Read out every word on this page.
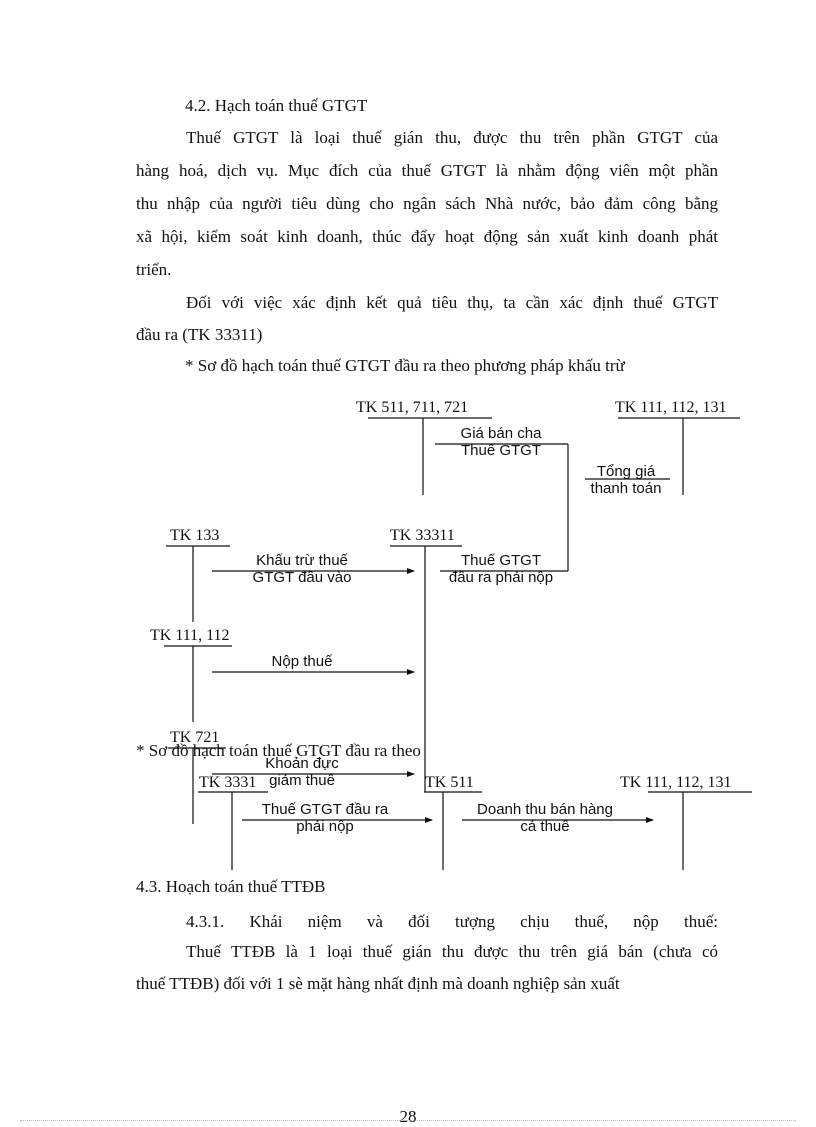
4.2. Hạch toán thuế GTGT
Thuế GTGT là loại thuế gián thu, được thu trên phần GTGT của
hàng hoá, dịch vụ. Mục đích của thuế GTGT là nhằm động viên một phần
thu nhập của người tiêu dùng cho ngân sách Nhà nước, bảo đảm công bằng
xã hội, kiểm soát kinh doanh, thúc đẩy hoạt động sản xuất kinh doanh phát
triển.
Đối với việc xác định kết quả tiêu thụ, ta cần xác định thuế GTGT
đầu ra (TK 33311)
* Sơ đồ hạch toán thuế GTGT đầu ra theo phương pháp khấu trừ
TK 511, 711, 721	TK 111, 112, 131
TK 133	TK 33311
TK 111, 112
TK 721
Giá bán cha
Thuế GTGT
Tổng giá
thanh toán
Khấu trừ thuế
GTGT đầu vào
Thuế GTGT
đầu ra phải nộp
Nộp thuế
Khoản đực
giảm thuế
* Sơ đồ hạch toán thuế GTGT đầu ra theo
TK 3331	TK 511	TK 111, 112, 131
Thuế GTGT đầu ra
phải nộp
Doanh thu bán hàng
cả thuế
4.3. Hoạch toán thuế TTĐB
4.3.1. Khái niệm và đối tượng chịu thuế, nộp thuế:
Thuế TTĐB là 1 loại thuế gián thu được thu trên giá bán (chưa có
thuế TTĐB) đối với 1 sè mặt hàng nhất định mà doanh nghiệp sản xuất
28
